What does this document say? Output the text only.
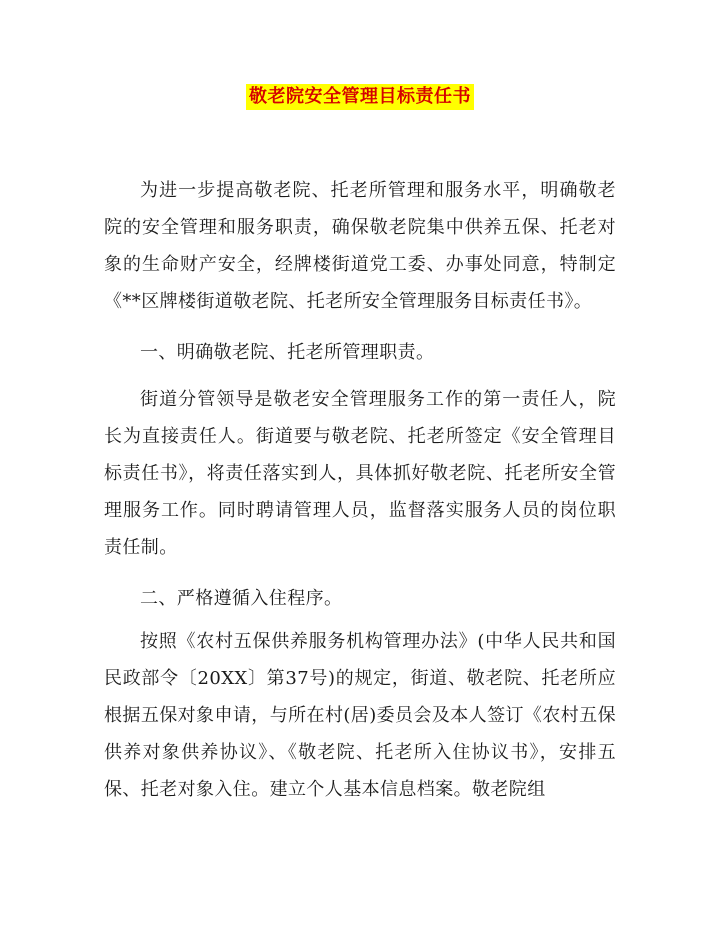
敬老院安全管理目标责任书

为进一步提高敬老院、托老所管理和服务水平，明确敬老院的安全管理和服务职责，确保敬老院集中供养五保、托老对象的生命财产安全，经牌楼街道党工委、办事处同意，特制定《**区牌楼街道敬老院、托老所安全管理服务目标责任书》。

一、明确敬老院、托老所管理职责。

街道分管领导是敬老安全管理服务工作的第一责任人，院长为直接责任人。街道要与敬老院、托老所签定《安全管理目标责任书》，将责任落实到人，具体抓好敬老院、托老所安全管理服务工作。同时聘请管理人员，监督落实服务人员的岗位职责任制。

二、严格遵循入住程序。

按照《农村五保供养服务机构管理办法》(中华人民共和国民政部令〔20XX〕第37号)的规定，街道、敬老院、托老所应根据五保对象申请，与所在村(居)委员会及本人签订《农村五保供养对象供养协议》、《敬老院、托老所入住协议书》，安排五保、托老对象入住。建立个人基本信息档案。敬老院组
